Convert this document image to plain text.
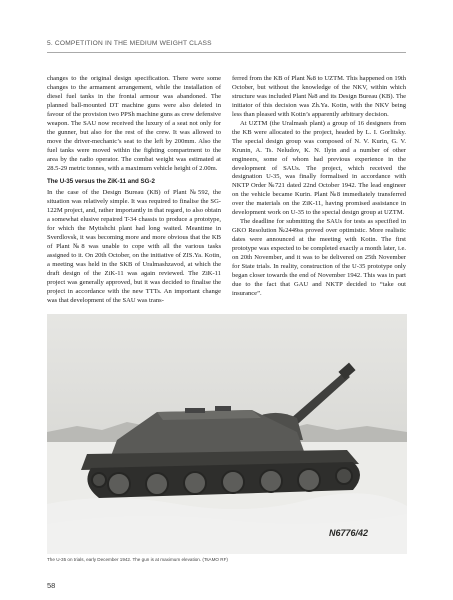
5. COMPETITION IN THE MEDIUM WEIGHT CLASS

changes to the original design specification. There were some changes to the armament arrangement, while the installation of diesel fuel tanks in the frontal armour was abandoned. The planned ball-mounted DT machine guns were also deleted in favour of the provision two PPSh machine guns as crew defensive weapon. The SAU now received the luxury of a seat not only for the gunner, but also for the rest of the crew. It was allowed to move the driver-mechanic’s seat to the left by 200mm. Also the fuel tanks were moved within the fighting compartment to the area by the radio operator. The combat weight was estimated at 28.5-29 metric tonnes, with a maximum vehicle height of 2.00m.

The U-35 versus the ZiK-11 and SG-2

In the case of the Design Bureau (KB) of Plant №592, the situation was relatively simple. It was required to finalise the SG-122M project, and, rather importantly in that regard, to also obtain a somewhat elusive repaired T-34 chassis to produce a prototype, for which the Mytishchi plant had long waited. Meantime in Sverdlovsk, it was becoming more and more obvious that the KB of Plant №8 was unable to cope with all the various tasks assigned to it. On 20th October, on the initiative of ZIS.Ya. Kotin, a meeting was held in the SKB of Uralmashzavod, at which the draft design of the ZiK-11 was again reviewed. The ZiK-11 project was generally approved, but it was decided to finalise the project in accordance with the new TTTs. An important change was that development of the SAU was trans-

ferred from the KB of Plant №8 to UZTM. This happened on 19th October, but without the knowledge of the NKV, within which structure was included Plant №8 and its Design Bureau (KB). The initiator of this decision was Zh.Ya. Kotin, with the NKV being less than pleased with Kotin’s apparently arbitrary decision.

At UZTM (the Uralmash plant) a group of 16 designers from the KB were allocated to the project, headed by L. I. Gorlitsky. The special design group was composed of N. V. Kurin, G. V. Krunin, A. Ts. Neludov, K. N. Ilyin and a number of other engineers, some of whom had previous experience in the development of SAUs. The project, which received the designation U-35, was finally formalised in accordance with NKTP Order №721 dated 22nd October 1942. The lead engineer on the vehicle became Kurin. Plant №8 immediately transferred over the materials on the ZiK-11, having promised assistance in development work on U-35 to the special design group at UZTM.

The deadline for submitting the SAUs for tests as specified in GKO Resolution №2449ss proved over optimistic. More realistic dates were announced at the meeting with Kotin. The first prototype was expected to be completed exactly a month later, i.e. on 20th November, and it was to be delivered on 25th November for State trials. In reality, construction of the U-35 prototype only began closer towards the end of November 1942. This was in part due to the fact that GAU and NKTP decided to “take out insurance”.

N6776/42
The U-35 on trials, early December 1942. The gun is at maximum elevation. (TsAMO RF)
58
